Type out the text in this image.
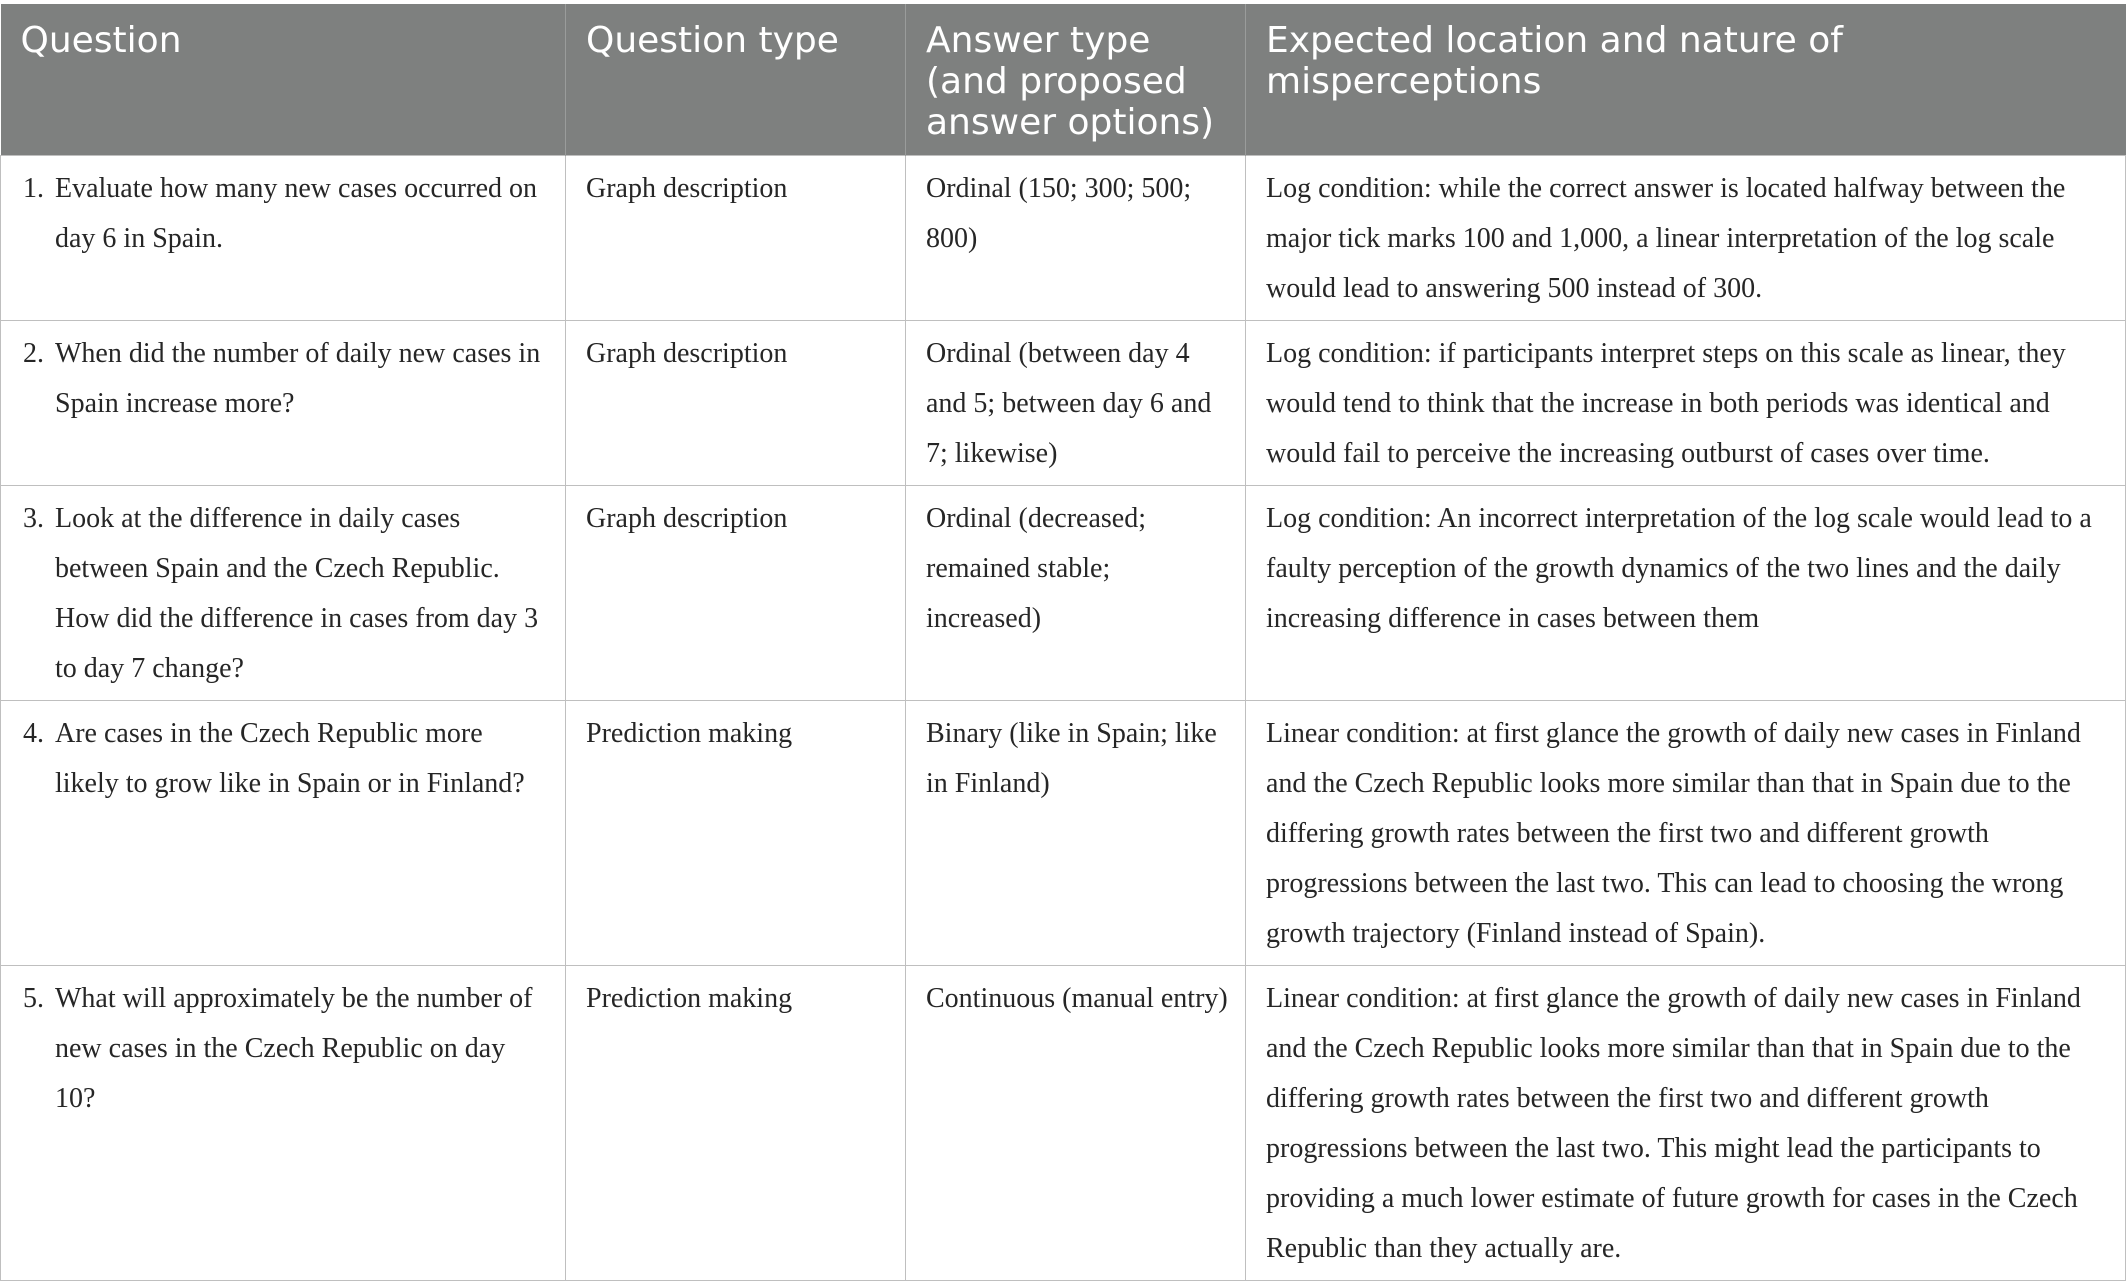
Question	Question type	Answer type (and proposed answer options)	Expected location and nature of misperceptions

1. Evaluate how many new cases occurred on day 6 in Spain.	Graph description	Ordinal (150; 300; 500; 800)	Log condition: while the correct answer is located halfway between the major tick marks 100 and 1,000, a linear interpretation of the log scale would lead to answering 500 instead of 300.

2. When did the number of daily new cases in Spain increase more?	Graph description	Ordinal (between day 4 and 5; between day 6 and 7; likewise)	Log condition: if participants interpret steps on this scale as linear, they would tend to think that the increase in both periods was identical and would fail to perceive the increasing outburst of cases over time.

3. Look at the difference in daily cases between Spain and the Czech Republic. How did the difference in cases from day 3 to day 7 change?	Graph description	Ordinal (decreased; remained stable; increased)	Log condition: An incorrect interpretation of the log scale would lead to a faulty perception of the growth dynamics of the two lines and the daily increasing difference in cases between them

4. Are cases in the Czech Republic more likely to grow like in Spain or in Finland?	Prediction making	Binary (like in Spain; like in Finland)	Linear condition: at first glance the growth of daily new cases in Finland and the Czech Republic looks more similar than that in Spain due to the differing growth rates between the first two and different growth progressions between the last two. This can lead to choosing the wrong growth trajectory (Finland instead of Spain).

5. What will approximately be the number of new cases in the Czech Republic on day 10?	Prediction making	Continuous (manual entry)	Linear condition: at first glance the growth of daily new cases in Finland and the Czech Republic looks more similar than that in Spain due to the differing growth rates between the first two and different growth progressions between the last two. This might lead the participants to providing a much lower estimate of future growth for cases in the Czech Republic than they actually are.
